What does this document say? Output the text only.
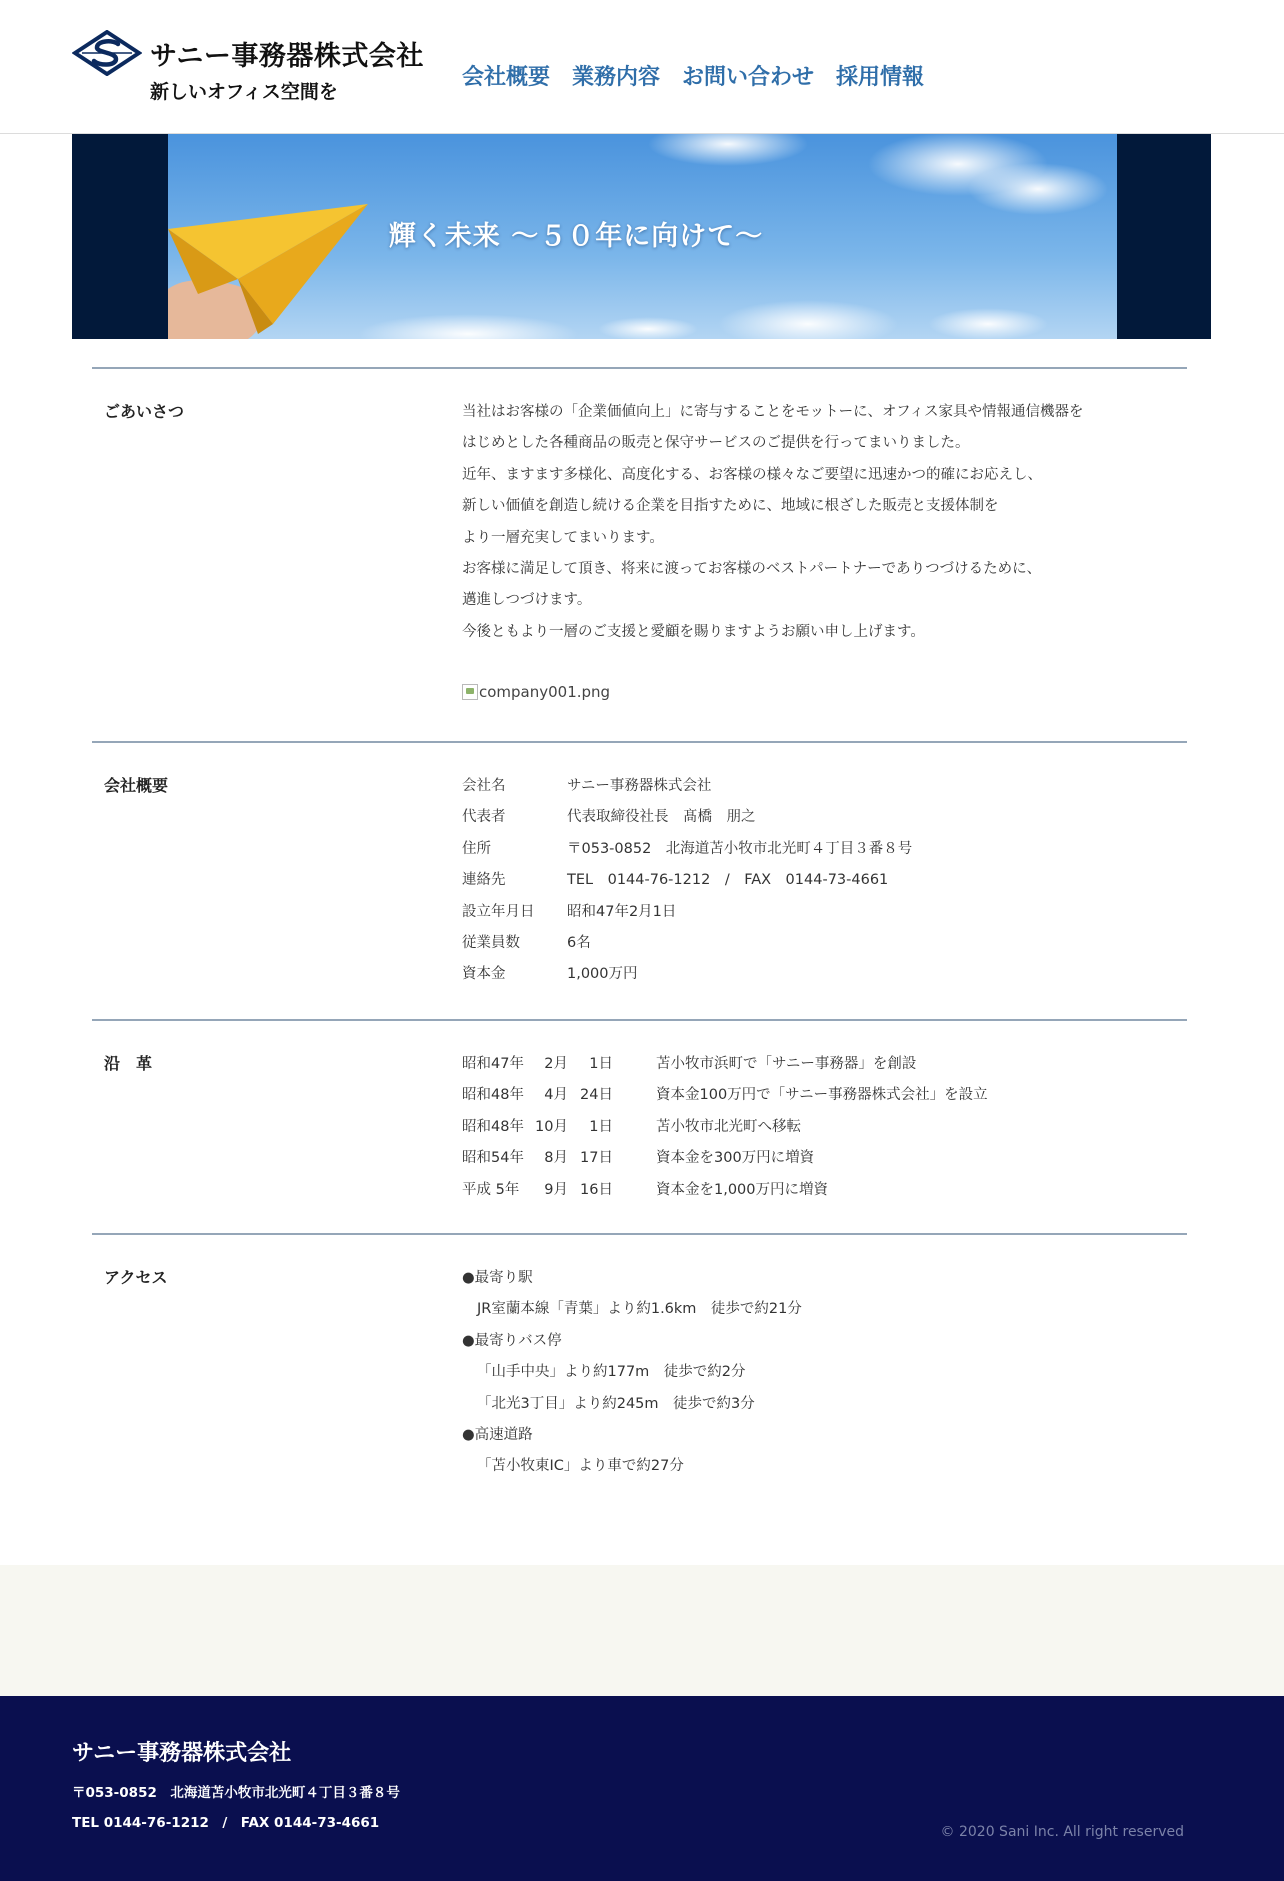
サニー事務器株式会社
新しいオフィス空間を
会社概要 業務内容 お問い合わせ 採用情報
輝く未来 ～５０年に向けて～
ごあいさつ	当社はお客様の「企業価値向上」に寄与することをモットーに、オフィス家具や情報通信機器を
はじめとした各種商品の販売と保守サービスのご提供を行ってまいりました。
近年、ますます多様化、高度化する、お客様の様々なご要望に迅速かつ的確にお応えし、
新しい価値を創造し続ける企業を目指すために、地域に根ざした販売と支援体制を
より一層充実してまいります。
お客様に満足して頂き、将来に渡ってお客様のベストパートナーでありつづけるために、
邁進しつづけます。
今後ともより一層のご支援と愛顧を賜りますようお願い申し上げます。
company001.png
会社概要	会社名	サニー事務器株式会社
代表者	代表取締役社長　髙橋　朋之
住所	〒053-0852　北海道苫小牧市北光町４丁目３番８号
連絡先	TEL　0144-76-1212　/　FAX　0144-73-4661
設立年月日	昭和47年2月1日
従業員数	6名
資本金	1,000万円
沿　革	昭和47年	2月	1日	苫小牧市浜町で「サニー事務器」を創設
昭和48年	4月 24日	資本金100万円で「サニー事務器株式会社」を設立
昭和48年 10月	1日	苫小牧市北光町へ移転
昭和54年	8月 17日	資本金を300万円に増資
平成 5年	9月 16日	資本金を1,000万円に増資
アクセス	●最寄り駅
JR室蘭本線「青葉」より約1.6km　徒歩で約21分
●最寄りバス停
「山手中央」より約177m　徒歩で約2分
「北光3丁目」より約245m　徒歩で約3分
●高速道路
「苫小牧東IC」より車で約27分
サニー事務器株式会社
〒053-0852　北海道苫小牧市北光町４丁目３番８号
TEL 0144-76-1212　/　FAX 0144-73-4661
© 2020 Sani Inc. All right reserved
